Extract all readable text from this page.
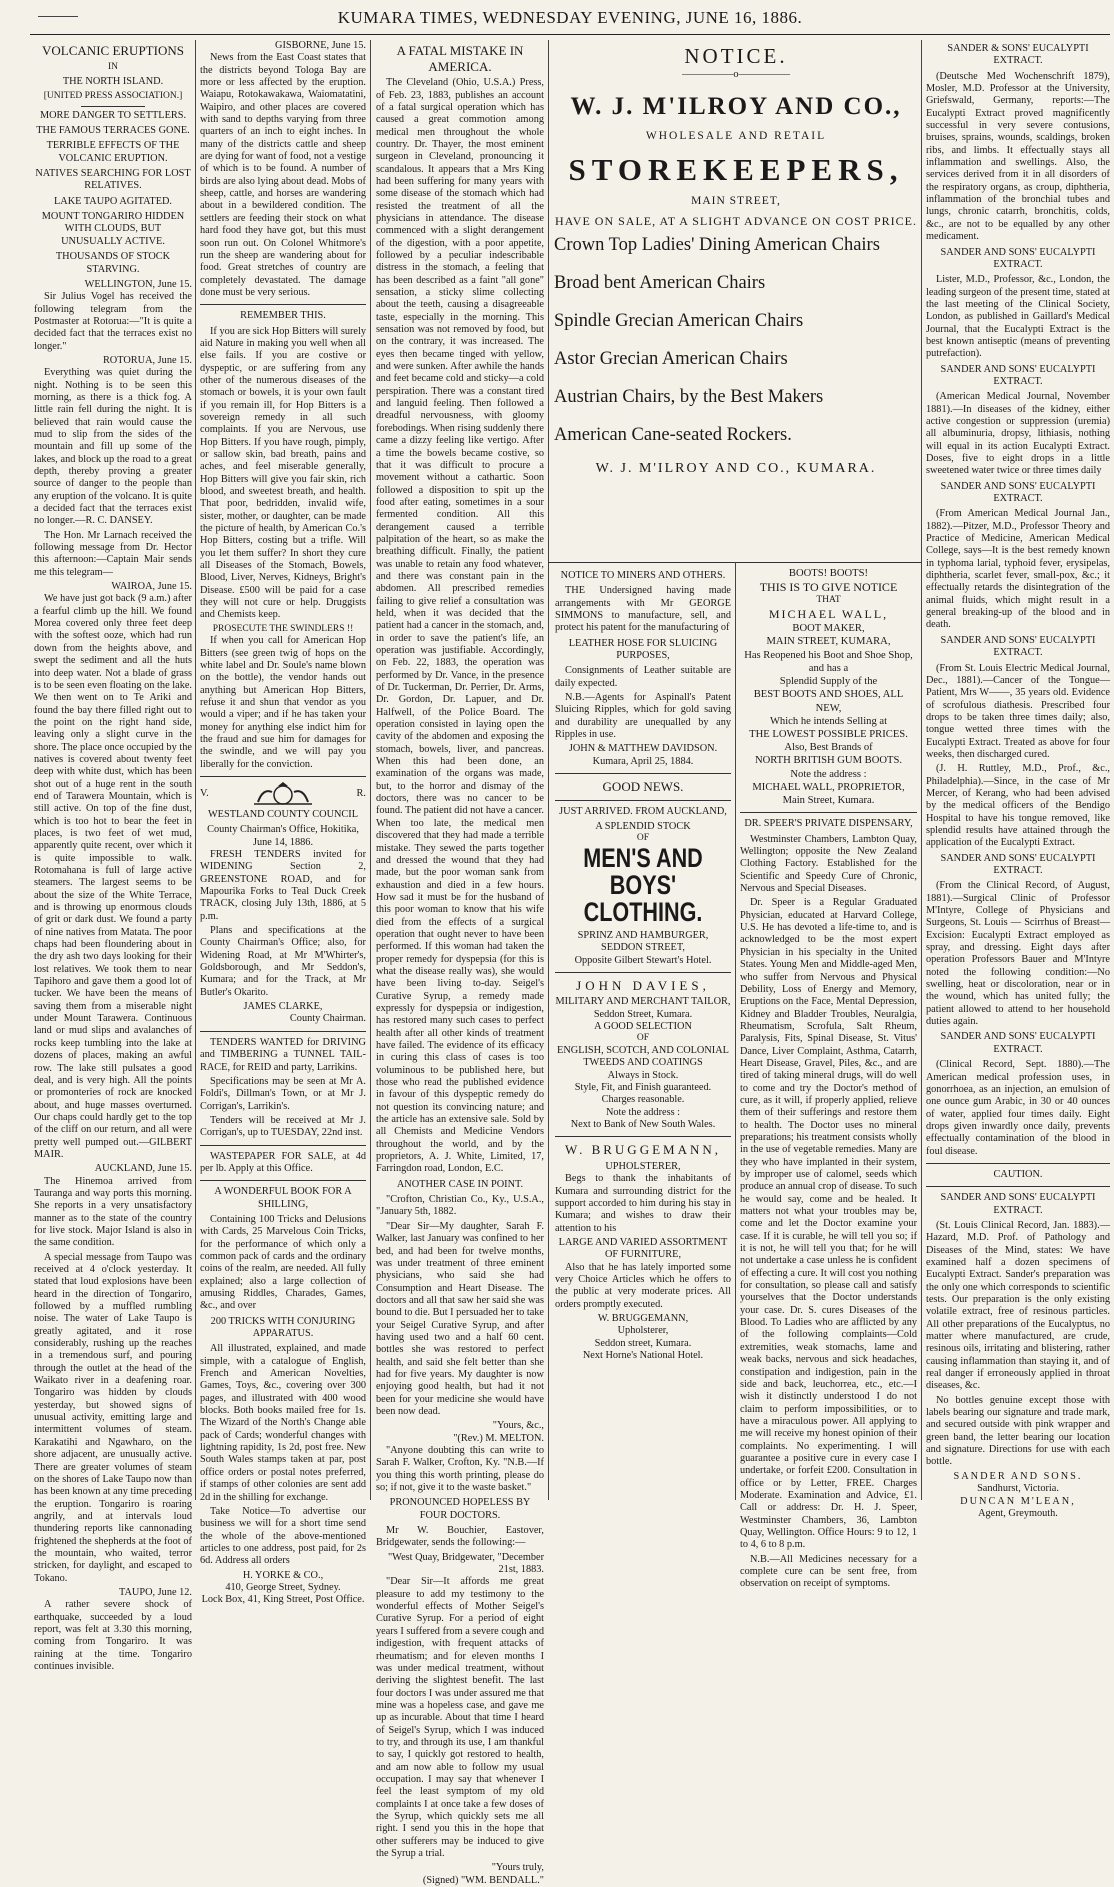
KUMARA TIMES, WEDNESDAY EVENING, JUNE 16, 1886.
VOLCANIC ERUPTIONS
IN
THE NORTH ISLAND.
[UNITED PRESS ASSOCIATION.]
MORE DANGER TO SETTLERS.
THE FAMOUS TERRACES GONE.
TERRIBLE EFFECTS OF THE VOLCANIC ERUPTION.
NATIVES SEARCHING FOR LOST RELATIVES.
LAKE TAUPO AGITATED.
MOUNT TONGARIRO HIDDEN WITH CLOUDS, BUT UNUSUALLY ACTIVE.
THOUSANDS OF STOCK STARVING.
WELLINGTON, June 15.

Sir Julius Vogel has received the following telegram from the Postmaster at Rotorua:—"It is quite a decided fact that the terraces exist no longer."

ROTORUA, June 15.

Everything was quiet during the night. Nothing is to be seen this morning, as there is a thick fog. A little rain fell during the night. It is believed that rain would cause the mud to slip from the sides of the mountain and fill up some of the lakes, and block up the road to a great depth, thereby proving a greater source of danger to the people than any eruption of the volcano. It is quite a decided fact that the terraces exist no longer.—R. C. DANSEY.

The Hon. Mr Larnach received the following message from Dr. Hector this afternoon:—Captain Mair sends me this telegram—

WAIROA, June 15.

We have just got back (9 a.m.) after a fearful climb up the hill. We found Morea covered only three feet deep with the softest ooze, which had run down from the heights above, and swept the sediment and all the huts into deep water. Not a blade of grass is to be seen even floating on the lake. We then went on to Te Ariki and found the bay there filled right out to the point on the right hand side, leaving only a slight curve in the shore. The place once occupied by the natives is covered about twenty feet deep with white dust, which has been shot out of a huge rent in the south end of Tarawera Mountain, which is still active. On top of the fine dust, which is too hot to bear the feet in places, is two feet of wet mud, apparently quite recent, over which it is quite impossible to walk. Rotomahana is full of large active steamers. The largest seems to be about the size of the White Terrace, and is throwing up enormous clouds of grit or dark dust. We found a party of nine natives from Matata. The poor chaps had been floundering about in the dry ash two days looking for their lost relatives. We took them to near Tapihoro and gave them a good lot of tucker. We have been the means of saving them from a miserable night under Mount Tarawera. Continuous land or mud slips and avalanches of rocks keep tumbling into the lake at dozens of places, making an awful row. The lake still pulsates a good deal, and is very high. All the points or promonteries of rock are knocked about, and huge masses overturned. Our chaps could hardly get to the top of the cliff on our return, and all were pretty well pumped out.—GILBERT MAIR.

AUCKLAND, June 15.

The Hinemoa arrived from Tauranga and way ports this morning. She reports in a very unsatisfactory manner as to the state of the country for live stock. Major Island is also in the same condition.

A special message from Taupo was received at 4 o'clock yesterday. It stated that loud explosions have been heard in the direction of Tongariro, followed by a muffled rumbling noise. The water of Lake Taupo is greatly agitated, and it rose considerably, rushing up the reaches in a tremendous surf, and pouring through the outlet at the head of the Waikato river in a deafening roar. Tongariro was hidden by clouds yesterday, but showed signs of unusual activity, emitting large and intermittent volumes of steam. Karakatihi and Ngawharo, on the shore adjacent, are unusually active. There are greater volumes of steam on the shores of Lake Taupo now than has been known at any time preceding the eruption. Tongariro is roaring angrily, and at intervals loud thundering reports like cannonading frightened the shepherds at the foot of the mountain, who waited, terror stricken, for daylight, and escaped to Tokano.

TAUPO, June 12.

A rather severe shock of earthquake, succeeded by a loud report, was felt at 3.30 this morning, coming from Tongariro. It was raining at the time. Tongariro continues invisible.

GISBORNE, June 15.

News from the East Coast states that the districts beyond Tologa Bay are more or less affected by the eruption. Waiapu, Rotokawakawa, Waiomatatini, Waipiro, and other places are covered with sand to depths varying from three quarters of an inch to eight inches. In many of the districts cattle and sheep are dying for want of food, not a vestige of which is to be found. A number of birds are also lying about dead. Mobs of sheep, cattle, and horses are wandering about in a bewildered condition. The settlers are feeding their stock on what hard food they have got, but this must soon run out. On Colonel Whitmore's run the sheep are wandering about for food. Great stretches of country are completely devastated. The damage done must be very serious.

REMEMBER THIS.

If you are sick Hop Bitters will surely aid Nature in making you well when all else fails. If you are costive or dyspeptic, or are suffering from any other of the numerous diseases of the stomach or bowels, it is your own fault if you remain ill, for Hop Bitters is a sovereign remedy in all such complaints. If you are Nervous, use Hop Bitters. If you have rough, pimply, or sallow skin, bad breath, pains and aches, and feel miserable generally, Hop Bitters will give you fair skin, rich blood, and sweetest breath, and health. That poor, bedridden, invalid wife, sister, mother, or daughter, can be made the picture of health, by American Co.'s Hop Bitters, costing but a trifle. Will you let them suffer? In short they cure all Diseases of the Stomach, Bowels, Blood, Liver, Nerves, Kidneys, Bright's Disease. £500 will be paid for a case they will not cure or help. Druggists and Chemists keep.

PROSECUTE THE SWINDLERS !!

If when you call for American Hop Bitters (see green twig of hops on the white label and Dr. Soule's name blown on the bottle), the vendor hands out anything but American Hop Bitters, refuse it and shun that vendor as you would a viper; and if he has taken your money for anything else indict him for the fraud and sue him for damages for the swindle, and we will pay you liberally for the conviction.

V.	R.
WESTLAND COUNTY COUNCIL
County Chairman's Office, Hokitika, June 14, 1886.

FRESH TENDERS invited for WIDENING Section 2, GREENSTONE ROAD, and for Mapourika Forks to Teal Duck Creek TRACK, closing July 13th, 1886, at 5 p.m.

Plans and specifications at the County Chairman's Office; also, for Widening Road, at Mr M'Whirter's, Goldsborough, and Mr Seddon's, Kumara; and for the Track, at Mr Butler's Okarito.

JAMES CLARKE,
County Chairman.

TENDERS WANTED for DRIVING and TIMBERING a TUNNEL TAIL-RACE, for REID and party, Larrikins.

Specifications may be seen at Mr A. Foldi's, Dillman's Town, or at Mr J. Corrigan's, Larrikin's.

Tenders will be received at Mr J. Corrigan's, up to TUESDAY, 22nd inst.

WASTEPAPER FOR SALE, at 4d per lb. Apply at this Office.

A WONDERFUL BOOK FOR A SHILLING,

Containing 100 Tricks and Delusions with Cards, 25 Marvelous Coin Tricks, for the performance of which only a common pack of cards and the ordinary coins of the realm, are needed. All fully explained; also a large collection of amusing Riddles, Charades, Games, &c., and over

200 TRICKS WITH CONJURING APPARATUS.

All illustrated, explained, and made simple, with a catalogue of English, French and American Novelties, Games, Toys, &c., covering over 300 pages, and illustrated with 400 wood blocks. Both books mailed free for 1s. The Wizard of the North's Change able pack of Cards; wonderful changes with lightning rapidity, 1s 2d, post free. New South Wales stamps taken at par, post office orders or postal notes preferred, if stamps of other colonies are sent add 2d in the shilling for exchange.

Take Notice—To advertise our business we will for a short time send the whole of the above-mentioned articles to one address, post paid, for 2s 6d. Address all orders

H. YORKE & CO.,
410, George Street, Sydney.
Lock Box, 41, King Street, Post Office.
A FATAL MISTAKE IN AMERICA.

The Cleveland (Ohio, U.S.A.) Press, of Feb. 23, 1883, publishes an account of a fatal surgical operation which has caused a great commotion among medical men throughout the whole country. Dr. Thayer, the most eminent surgeon in Cleveland, pronouncing it scandalous. It appears that a Mrs King had been suffering for many years with some disease of the stomach which had resisted the treatment of all the physicians in attendance. The disease commenced with a slight derangement of the digestion, with a poor appetite, followed by a peculiar indescribable distress in the stomach, a feeling that has been described as a faint "all gone" sensation, a sticky slime collecting about the teeth, causing a disagreeable taste, especially in the morning. This sensation was not removed by food, but on the contrary, it was increased. The eyes then became tinged with yellow, and were sunken. After awhile the hands and feet became cold and sticky—a cold perspiration. There was a constant tired and languid feeling. Then followed a dreadful nervousness, with gloomy forebodings. When rising suddenly there came a dizzy feeling like vertigo. After a time the bowels became costive, so that it was difficult to procure a movement without a cathartic. Soon followed a disposition to spit up the food after eating, sometimes in a sour fermented condition. All this derangement caused a terrible palpitation of the heart, so as make the breathing difficult. Finally, the patient was unable to retain any food whatever, and there was constant pain in the abdomen. All prescribed remedies failing to give relief a consultation was held, when it was decided that the patient had a cancer in the stomach, and, in order to save the patient's life, an operation was justifiable. Accordingly, on Feb. 22, 1883, the operation was performed by Dr. Vance, in the presence of Dr. Tuckerman, Dr. Perrier, Dr. Arms, Dr. Gordon, Dr. Lapuer, and Dr. Halfwell, of the Police Board. The operation consisted in laying open the cavity of the abdomen and exposing the stomach, bowels, liver, and pancreas. When this had been done, an examination of the organs was made, but, to the horror and dismay of the doctors, there was no cancer to be found. The patient did not have a cancer. When too late, the medical men discovered that they had made a terrible mistake. They sewed the parts together and dressed the wound that they had made, but the poor woman sank from exhaustion and died in a few hours. How sad it must be for the husband of this poor woman to know that his wife died from the effects of a surgical operation that ought never to have been performed. If this woman had taken the proper remedy for dyspepsia (for this is what the disease really was), she would have been living to-day. Seigel's Curative Syrup, a remedy made expressly for dyspepsia or indigestion, has restored many such cases to perfect health after all other kinds of treatment have failed. The evidence of its efficacy in curing this class of cases is too voluminous to be published here, but those who read the published evidence in favour of this dyspeptic remedy do not question its convincing nature; and the article has an extensive sale. Sold by all Chemists and Medicine Vendors throughout the world, and by the proprietors, A. J. White, Limited, 17, Farringdon road, London, E.C.

ANOTHER CASE IN POINT.

"Crofton, Christian Co., Ky., U.S.A., "January 5th, 1882.

"Dear Sir—My daughter, Sarah F. Walker, last January was confined to her bed, and had been for twelve months, was under treatment of three eminent physicians, who said she had Consumption and Heart Disease. The doctors and all that saw her said she was bound to die. But I persuaded her to take your Seigel Curative Syrup, and after having used two and a half 60 cent. bottles she was restored to perfect health, and said she felt better than she had for five years. My daughter is now enjoying good health, but had it not been for your medicine she would have been now dead.

"Yours, &c.,
"(Rev.) M. MELTON.

"Anyone doubting this can write to Sarah F. Walker, Crofton, Ky. "N.B.—If you thing this worth printing, please do so; if not, give it to the waste basket."

PRONOUNCED HOPELESS BY FOUR DOCTORS.

Mr W. Bouchier, Eastover, Bridgewater, sends the following:—

"West Quay, Bridgewater, "December 21st, 1883.

"Dear Sir—It affords me great pleasure to add my testimony to the wonderful effects of Mother Seigel's Curative Syrup. For a period of eight years I suffered from a severe cough and indigestion, with frequent attacks of rheumatism; and for eleven months I was under medical treatment, without deriving the slightest benefit. The last four doctors I was under assured me that mine was a hopeless case, and gave me up as incurable. About that time I heard of Seigel's Syrup, which I was induced to try, and through its use, I am thankful to say, I quickly got restored to health, and am now able to follow my usual occupation. I may say that whenever I feel the least symptom of my old complaints I at once take a few doses of the Syrup, which quickly sets me all right. I send you this in the hope that other sufferers may be induced to give the Syrup a trial.

"Yours truly,
(Signed) "WM. BENDALL."
NOTICE.
—————o—————
W. J. M'ILROY AND CO.,
WHOLESALE AND RETAIL
STOREKEEPERS,
MAIN STREET,
HAVE ON SALE, AT A SLIGHT ADVANCE ON COST PRICE.
Crown Top Ladies' Dining American Chairs
Broad bent American Chairs
Spindle Grecian American Chairs
Astor Grecian American Chairs
Austrian Chairs, by the Best Makers
American Cane-seated Rockers.
W. J. M'ILROY AND CO., KUMARA.
NOTICE TO MINERS AND OTHERS.

THE Undersigned having made arrangements with Mr GEORGE SIMMONS to manufacture, sell, and protect his patent for the manufacturing of

LEATHER HOSE FOR SLUICING PURPOSES,

Consignments of Leather suitable are daily expected.

N.B.—Agents for Aspinall's Patent Sluicing Ripples, which for gold saving and durability are unequalled by any Ripples in use.

JOHN & MATTHEW DAVIDSON.
Kumara, April 25, 1884.
GOOD NEWS.
JUST ARRIVED. FROM AUCKLAND,
A SPLENDID STOCK
OF
MEN'S AND BOYS' CLOTHING.
SPRINZ AND HAMBURGER,
SEDDON STREET,
Opposite Gilbert Stewart's Hotel.
JOHN DAVIES,
MILITARY AND MERCHANT TAILOR,
Seddon Street, Kumara.
A GOOD SELECTION
OF
ENGLISH, SCOTCH, AND COLONIAL TWEEDS AND COATINGS
Always in Stock.
Style, Fit, and Finish guaranteed.
Charges reasonable.
Note the address :
Next to Bank of New South Wales.
W. BRUGGEMANN,
UPHOLSTERER,

Begs to thank the inhabitants of Kumara and surrounding district for the support accorded to him during his stay in Kumara; and wishes to draw their attention to his

LARGE AND VARIED ASSORTMENT OF FURNITURE,

Also that he has lately imported some very Choice Articles which he offers to the public at very moderate prices. All orders promptly executed.

W. BRUGGEMANN,
Upholsterer,
Seddon street, Kumara.
Next Horne's National Hotel.
BOOTS! BOOTS!
THIS IS TO GIVE NOTICE
THAT
MICHAEL WALL,
BOOT MAKER,
MAIN STREET, KUMARA,
Has Reopened his Boot and Shoe Shop, and has a
Splendid Supply of the
BEST BOOTS AND SHOES, ALL NEW,
Which he intends Selling at
THE LOWEST POSSIBLE PRICES.
Also, Best Brands of
NORTH BRITISH GUM BOOTS.
Note the address :
MICHAEL WALL, PROPRIETOR,
Main Street, Kumara.
DR. SPEER'S PRIVATE DISPENSARY,

Westminster Chambers, Lambton Quay, Wellington; opposite the New Zealand Clothing Factory. Established for the Scientific and Speedy Cure of Chronic, Nervous and Special Diseases.

Dr. Speer is a Regular Graduated Physician, educated at Harvard College, U.S. He has devoted a life-time to, and is acknowledged to be the most expert Physician in his specialty in the United States. Young Men and Middle-aged Men, who suffer from Nervous and Physical Debility, Loss of Energy and Memory, Eruptions on the Face, Mental Depression, Kidney and Bladder Troubles, Neuralgia, Rheumatism, Scrofula, Salt Rheum, Paralysis, Fits, Spinal Disease, St. Vitus' Dance, Liver Complaint, Asthma, Catarrh, Heart Disease, Gravel, Piles, &c., and are tired of taking mineral drugs, will do well to come and try the Doctor's method of cure, as it will, if properly applied, relieve them of their sufferings and restore them to health. The Doctor uses no mineral preparations; his treatment consists wholly in the use of vegetable remedies. Many are they who have implanted in their system, by improper use of calomel, seeds which produce an annual crop of disease. To such he would say, come and be healed. It matters not what your troubles may be, come and let the Doctor examine your case. If it is curable, he will tell you so; if it is not, he will tell you that; for he will not undertake a case unless he is confident of effecting a cure. It will cost you nothing for consultation, so please call and satisfy yourselves that the Doctor understands your case. Dr. S. cures Diseases of the Blood. To Ladies who are afflicted by any of the following complaints—Cold extremities, weak stomachs, lame and weak backs, nervous and sick headaches, constipation and indigestion, pain in the side and back, leuchorrea, etc., etc.—I wish it distinctly understood I do not claim to perform impossibilities, or to have a miraculous power. All applying to me will receive my honest opinion of their complaints. No experimenting. I will guarantee a positive cure in every case I undertake, or forfeit £200. Consultation in office or by Letter, FREE. Charges Moderate. Examination and Advice, £1. Call or address: Dr. H. J. Speer, Westminster Chambers, 36, Lambton Quay, Wellington. Office Hours: 9 to 12, 1 to 4, 6 to 8 p.m.

N.B.—All Medicines necessary for a complete cure can be sent free, from observation on receipt of symptoms.

SANDER & SONS' EUCALYPTI EXTRACT.

(Deutsche Med Wochenschrift 1879), Mosler, M.D. Professor at the University, Griefswald, Germany, reports:—The Eucalypti Extract proved magnificently successful in very severe contusions, bruises, sprains, wounds, scaldings, broken ribs, and limbs. It effectually stays all inflammation and swellings. Also, the services derived from it in all disorders of the respiratory organs, as croup, diphtheria, inflammation of the bronchial tubes and lungs, chronic catarrh, bronchitis, colds, &c., are not to be equalled by any other medicament.

SANDER AND SONS' EUCALYPTI EXTRACT.

Lister, M.D., Professor, &c., London, the leading surgeon of the present time, stated at the last meeting of the Clinical Society, London, as published in Gaillard's Medical Journal, that the Eucalypti Extract is the best known antiseptic (means of preventing putrefaction).

SANDER AND SONS' EUCALYPTI EXTRACT.

(American Medical Journal, November 1881).—In diseases of the kidney, either active congestion or suppression (uremia) all albuminuria, dropsy, lithiasis, nothing will equal in its action Eucalypti Extract. Doses, five to eight drops in a little sweetened water twice or three times daily

SANDER AND SONS' EUCALYPTI EXTRACT.

(From American Medical Journal Jan., 1882).—Pitzer, M.D., Professor Theory and Practice of Medicine, American Medical College, says—It is the best remedy known in typhoma larial, typhoid fever, erysipelas, diphtheria, scarlet fever, small-pox, &c.; it effectually retards the disintegration of the animal fluids, which might result in a general breaking-up of the blood and in death.

SANDER AND SONS' EUCALYPTI EXTRACT.

(From St. Louis Electric Medical Journal, Dec., 1881).—Cancer of the Tongue—Patient, Mrs W——, 35 years old. Evidence of scrofulous diathesis. Prescribed four drops to be taken three times daily; also, tongue wetted three times with the Eucalypti Extract. Treated as above for four weeks, then discharged cured.

(J. H. Ruttley, M.D., Prof., &c., Philadelphia).—Since, in the case of Mr Mercer, of Kerang, who had been advised by the medical officers of the Bendigo Hospital to have his tongue removed, like splendid results have attained through the application of the Eucalypti Extract.

SANDER AND SONS' EUCALYPTI EXTRACT.

(From the Clinical Record, of August, 1881).—Surgical Clinic of Professor M'Intyre, College of Physicians and Surgeons, St. Louis — Scirrhus of Breast—Excision: Eucalypti Extract employed as spray, and dressing. Eight days after operation Professors Bauer and M'Intyre noted the following condition:—No swelling, heat or discoloration, near or in the wound, which has united fully; the patient allowed to attend to her household duties again.

SANDER AND SONS' EUCALYPTI EXTRACT.

(Clinical Record, Sept. 1880).—The American medical profession uses, in gonorrhoea, as an injection, an emulsion of one ounce gum Arabic, in 30 or 40 ounces of water, applied four times daily. Eight drops given inwardly once daily, prevents effectually contamination of the blood in foul disease.

CAUTION.
SANDER AND SONS' EUCALYPTI EXTRACT.

(St. Louis Clinical Record, Jan. 1883).—Hazard, M.D. Prof. of Pathology and Diseases of the Mind, states: We have examined half a dozen specimens of Eucalypti Extract. Sander's preparation was the only one which corresponds to scientific tests. Our preparation is the only existing volatile extract, free of resinous particles. All other preparations of the Eucalyptus, no matter where manufactured, are crude, resinous oils, irritating and blistering, rather causing inflammation than staying it, and of real danger if erroneously applied in throat diseases, &c.

No bottles genuine except those with labels bearing our signature and trade mark, and secured outside with pink wrapper and green band, the letter bearing our location and signature. Directions for use with each bottle.

SANDER AND SONS.
Sandhurst, Victoria.
DUNCAN M'LEAN,
Agent, Greymouth.
